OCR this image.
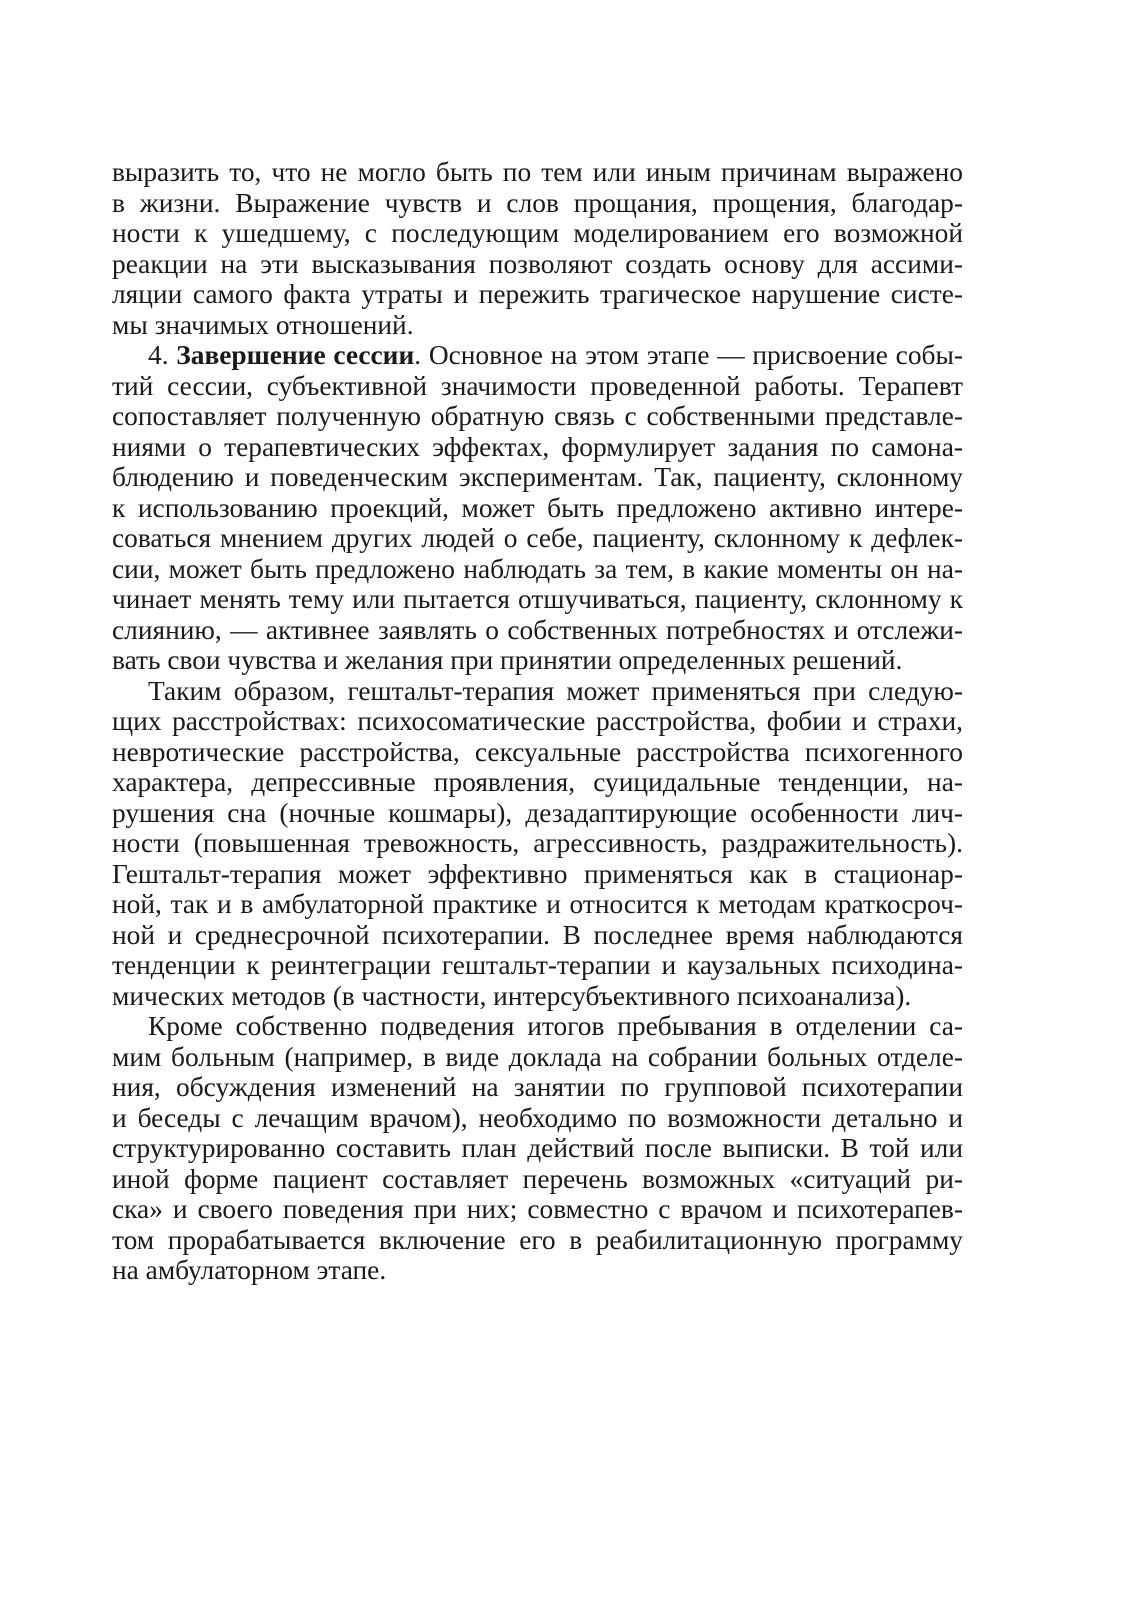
выразить то, что не могло быть по тем или иным причинам выражено
в жизни. Выражение чувств и слов прощания, прощения, благодар-
ности к ушедшему, с последующим моделированием его возможной
реакции на эти высказывания позволяют создать основу для ассими-
ляции самого факта утраты и пережить трагическое нарушение систе-
мы значимых отношений.
4. Завершение сессии. Основное на этом этапе — присвоение собы-
тий сессии, субъективной значимости проведенной работы. Терапевт
сопоставляет полученную обратную связь с собственными представле-
ниями о терапевтических эффектах, формулирует задания по самона-
блюдению и поведенческим экспериментам. Так, пациенту, склонному
к использованию проекций, может быть предложено активно интере-
соваться мнением других людей о себе, пациенту, склонному к дефлек-
сии, может быть предложено наблюдать за тем, в какие моменты он на-
чинает менять тему или пытается отшучиваться, пациенту, склонному к
слиянию, — активнее заявлять о собственных потребностях и отслежи-
вать свои чувства и желания при принятии определенных решений.
Таким образом, гештальт-терапия может применяться при следую-
щих расстройствах: психосоматические расстройства, фобии и страхи,
невротические расстройства, сексуальные расстройства психогенного
характера, депрессивные проявления, суицидальные тенденции, на-
рушения сна (ночные кошмары), дезадаптирующие особенности лич-
ности (повышенная тревожность, агрессивность, раздражительность).
Гештальт-терапия может эффективно применяться как в стационар-
ной, так и в амбулаторной практике и относится к методам краткосроч-
ной и среднесрочной психотерапии. В последнее время наблюдаются
тенденции к реинтеграции гештальт-терапии и каузальных психодина-
мических методов (в частности, интерсубъективного психоанализа).
Кроме собственно подведения итогов пребывания в отделении са-
мим больным (например, в виде доклада на собрании больных отделе-
ния, обсуждения изменений на занятии по групповой психотерапии
и беседы с лечащим врачом), необходимо по возможности детально и
структурированно составить план действий после выписки. В той или
иной форме пациент составляет перечень возможных «ситуаций ри-
ска» и своего поведения при них; совместно с врачом и психотерапев-
том прорабатывается включение его в реабилитационную программу
на амбулаторном этапе.
